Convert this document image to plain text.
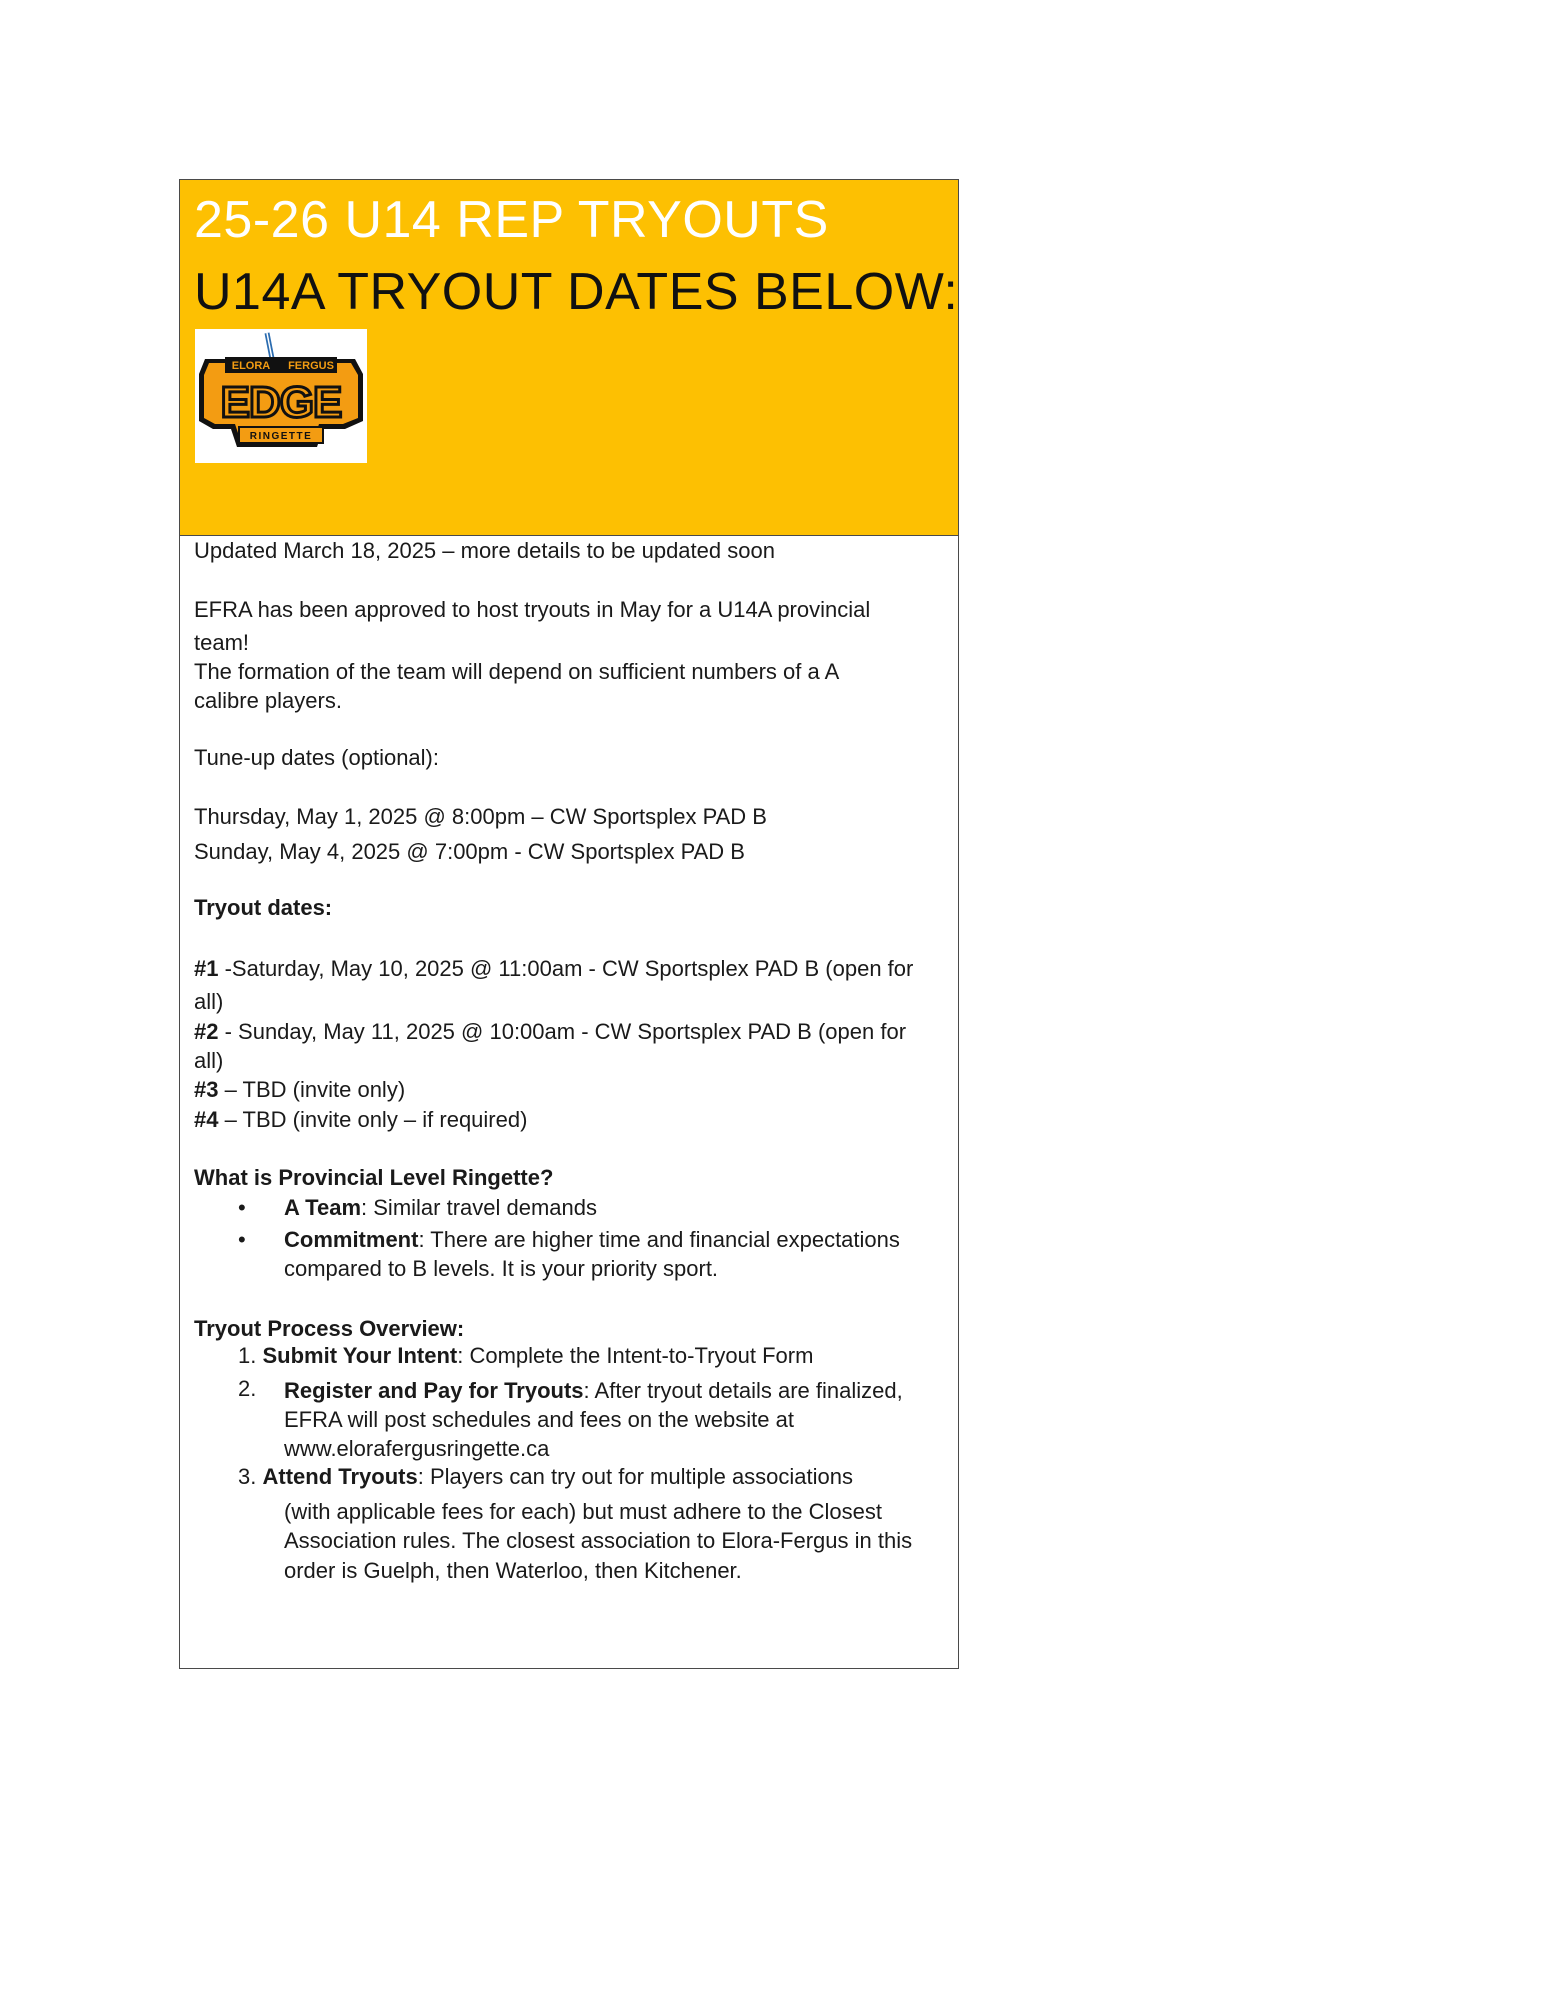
25-26 U14 REP TRYOUTS
U14A TRYOUT DATES BELOW:
ELORA FERGUS
EDGE
RINGETTE
Updated March 18, 2025 – more details to be updated soon
EFRA has been approved to host tryouts in May for a U14A provincial
team!
The formation of the team will depend on sufficient numbers of a A
calibre players.
Tune-up dates (optional):
Thursday, May 1, 2025 @ 8:00pm – CW Sportsplex PAD B
Sunday, May 4, 2025 @ 7:00pm - CW Sportsplex PAD B
Tryout dates:
#1 -Saturday, May 10, 2025 @ 11:00am - CW Sportsplex PAD B (open for
all)
#2 - Sunday, May 11, 2025 @ 10:00am - CW Sportsplex PAD B (open for
all)
#3 – TBD (invite only)
#4 – TBD (invite only – if required)
What is Provincial Level Ringette?
• A Team: Similar travel demands
• Commitment: There are higher time and financial expectations
compared to B levels. It is your priority sport.
Tryout Process Overview:
1. Submit Your Intent: Complete the Intent-to-Tryout Form
2. Register and Pay for Tryouts: After tryout details are finalized,
EFRA will post schedules and fees on the website at
www.elorafergusringette.ca
3. Attend Tryouts: Players can try out for multiple associations
(with applicable fees for each) but must adhere to the Closest
Association rules. The closest association to Elora-Fergus in this
order is Guelph, then Waterloo, then Kitchener.
